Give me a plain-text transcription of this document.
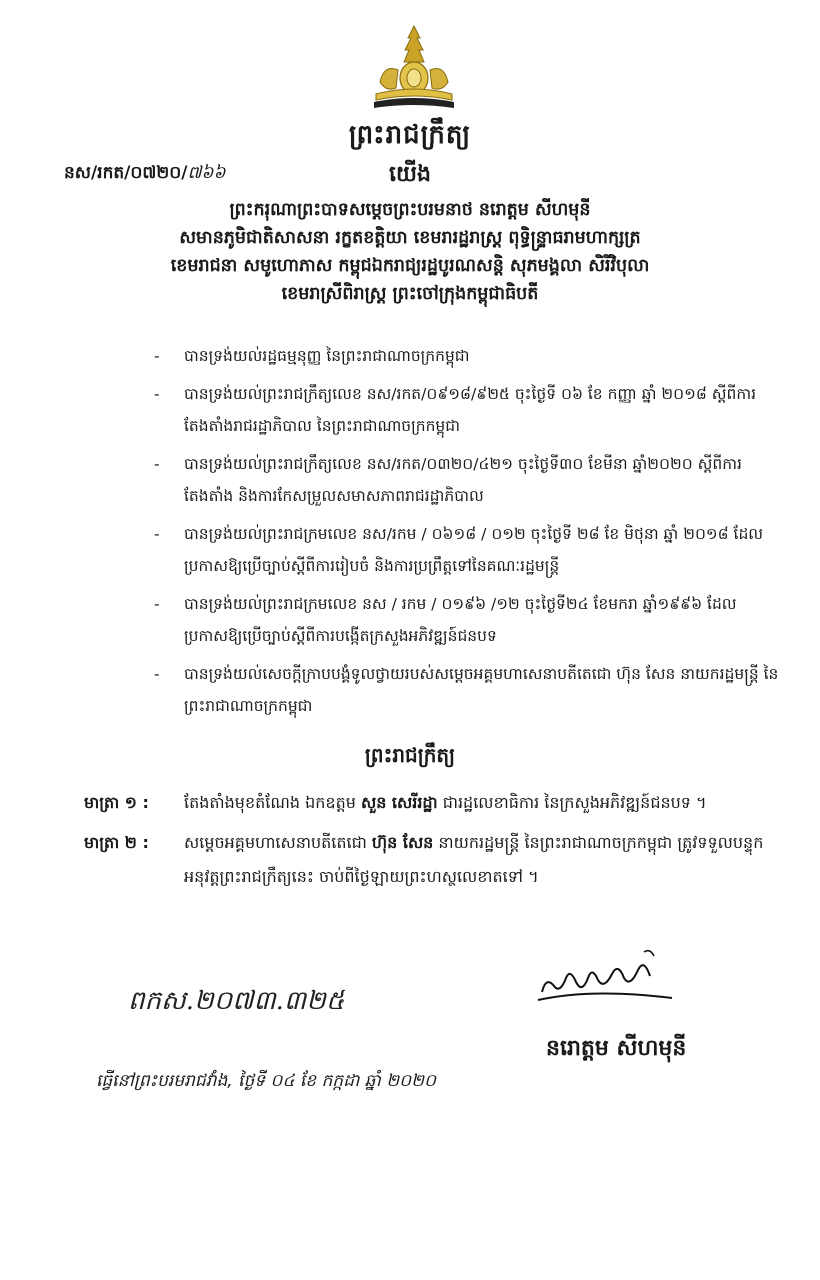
ព្រះរាជក្រឹត្យ
នស/រកត/០៧២០/៧៦៦	យើង
ព្រះករុណាព្រះបាទសម្តេចព្រះបរមនាថ នរោត្តម សីហមុនី
សមានភូមិជាតិសាសនា រក្ខតខត្តិយា ខេមរារដ្ឋរាស្ត្រ ពុទ្ធិន្ទ្រាធរាមហាក្សត្រ
ខេមរាជនា សមូហោភាស កម្ពុជឯករាជ្យរដ្ឋបូរណសន្តិ សុភមង្គលា សិរីវិបុលា
ខេមរាស្រីពិរាស្ត្រ ព្រះចៅក្រុងកម្ពុជាធិបតី
- បានទ្រង់យល់រដ្ឋធម្មនុញ្ញ នៃព្រះរាជាណាចក្រកម្ពុជា
- បានទ្រង់យល់ព្រះរាជក្រឹត្យលេខ នស/រកត/០៩១៨/៩២៥ ចុះថ្ងៃទី ០៦ ខែ កញ្ញា ឆ្នាំ ២០១៨ ស្តីពីការតែងតាំងរាជរដ្ឋាភិបាល នៃព្រះរាជាណាចក្រកម្ពុជា
- បានទ្រង់យល់ព្រះរាជក្រឹត្យលេខ នស/រកត/០៣២០/៤២១ ចុះថ្ងៃទី៣០ ខែមីនា ឆ្នាំ២០២០ ស្តីពីការតែងតាំង និងការកែសម្រួលសមាសភាពរាជរដ្ឋាភិបាល
- បានទ្រង់យល់ព្រះរាជក្រមលេខ នស/រកម / ០៦១៨ / ០១២ ចុះថ្ងៃទី ២៨ ខែ មិថុនា ឆ្នាំ ២០១៨ ដែលប្រកាសឱ្យប្រើច្បាប់ស្តីពីការរៀបចំ និងការប្រព្រឹត្តទៅនៃគណៈរដ្ឋមន្ត្រី
- បានទ្រង់យល់ព្រះរាជក្រមលេខ នស / រកម / ០១៩៦ /១២ ចុះថ្ងៃទី២៤ ខែមករា ឆ្នាំ១៩៩៦ ដែលប្រកាសឱ្យប្រើច្បាប់ស្តីពីការបង្កើតក្រសួងអភិវឌ្ឍន៍ជនបទ
- បានទ្រង់យល់សេចក្តីក្រាបបង្គំទូលថ្វាយរបស់សម្តេចអគ្គមហាសេនាបតីតេជោ ហ៊ុន សែន នាយករដ្ឋមន្ត្រី នៃព្រះរាជាណាចក្រកម្ពុជា
ព្រះរាជក្រឹត្យ
មាត្រា ១ : តែងតាំងមុខតំណែង ឯកឧត្តម សួន សេរីរដ្ឋា ជារដ្ឋលេខាធិការ នៃក្រសួងអភិវឌ្ឍន៍ជនបទ ។
មាត្រា ២ : សម្តេចអគ្គមហាសេនាបតីតេជោ ហ៊ុន សែន នាយករដ្ឋមន្ត្រី នៃព្រះរាជាណាចក្រកម្ពុជា ត្រូវទទួលបន្ទុកអនុវត្តព្រះរាជក្រឹត្យនេះ ចាប់ពីថ្ងៃឡាយព្រះហស្ថលេខាតទៅ ។
ពកស.២០៧៣.៣២៥
នរោត្តម សីហមុនី
ធ្វើនៅព្រះបរមរាជវាំង, ថ្ងៃទី ០៤ ខែ កក្កដា ឆ្នាំ ២០២០
